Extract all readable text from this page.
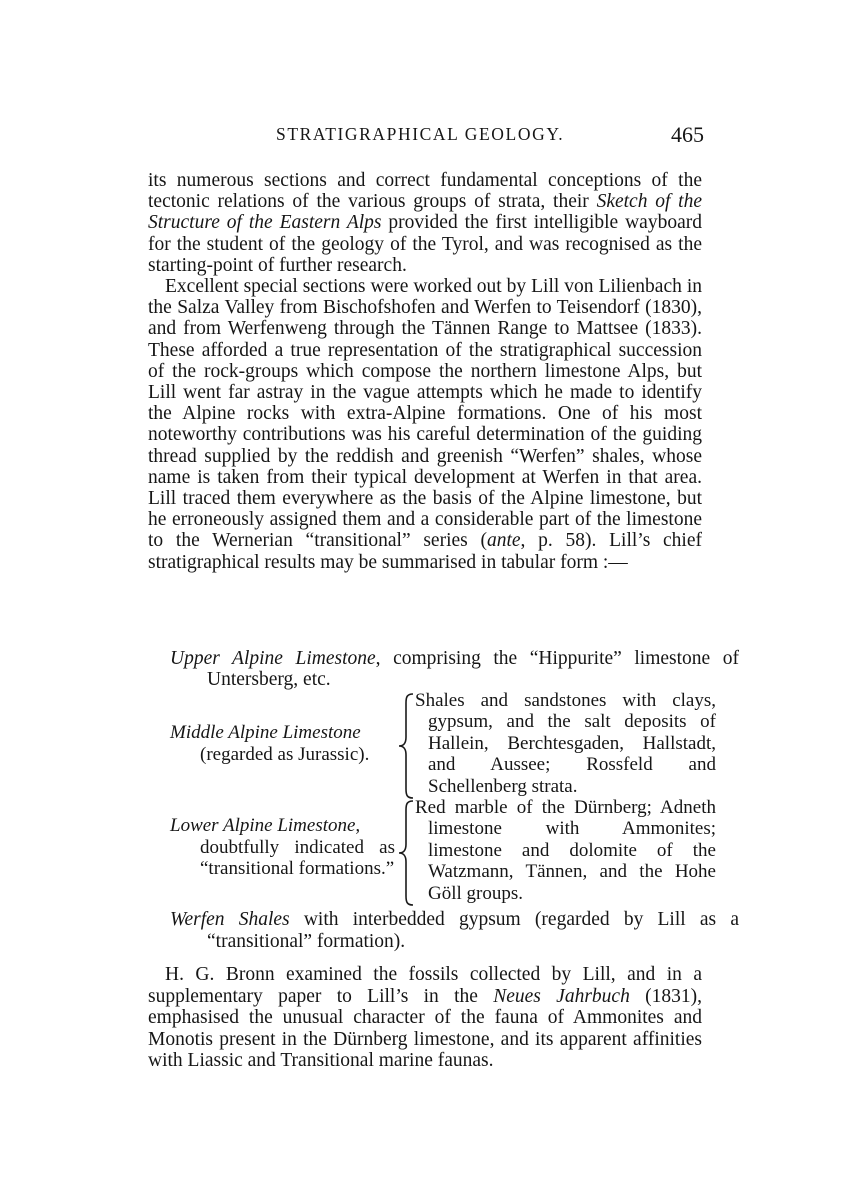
STRATIGRAPHICAL GEOLOGY.	465

its numerous sections and correct fundamental conceptions of the tectonic relations of the various groups of strata, their Sketch of the Structure of the Eastern Alps provided the first intelligible wayboard for the student of the geology of the Tyrol, and was recognised as the starting-point of further research.

Excellent special sections were worked out by Lill von Lilienbach in the Salza Valley from Bischofshofen and Werfen to Teisendorf (1830), and from Werfenweng through the Tännen Range to Mattsee (1833). These afforded a true representation of the stratigraphical succession of the rock-groups which compose the northern limestone Alps, but Lill went far astray in the vague attempts which he made to identify the Alpine rocks with extra-Alpine formations. One of his most noteworthy contributions was his careful determination of the guiding thread supplied by the reddish and greenish “Werfen” shales, whose name is taken from their typical development at Werfen in that area. Lill traced them everywhere as the basis of the Alpine limestone, but he erroneously assigned them and a considerable part of the limestone to the Wernerian “transitional” series (ante, p. 58). Lill’s chief stratigraphical results may be summarised in tabular form :—

Upper Alpine Limestone, comprising the “Hippurite” limestone of Untersberg, etc.
Middle Alpine Limestone
(regarded as Jurassic).
Shales and sandstones with clays, gypsum, and the salt deposits of Hallein, Berchtesgaden, Hallstadt, and Aussee; Rossfeld and Schellenberg strata.
Lower Alpine Limestone,
doubtfully indicated as “transitional formations.”
Red marble of the Dürnberg; Adneth limestone with Ammonites; limestone and dolomite of the Watzmann, Tännen, and the Hohe Göll groups.
Werfen Shales with interbedded gypsum (regarded by Lill as a “transitional” formation).

H. G. Bronn examined the fossils collected by Lill, and in a supplementary paper to Lill’s in the Neues Jahrbuch (1831), emphasised the unusual character of the fauna of Ammonites and Monotis present in the Dürnberg limestone, and its apparent affinities with Liassic and Transitional marine faunas.
